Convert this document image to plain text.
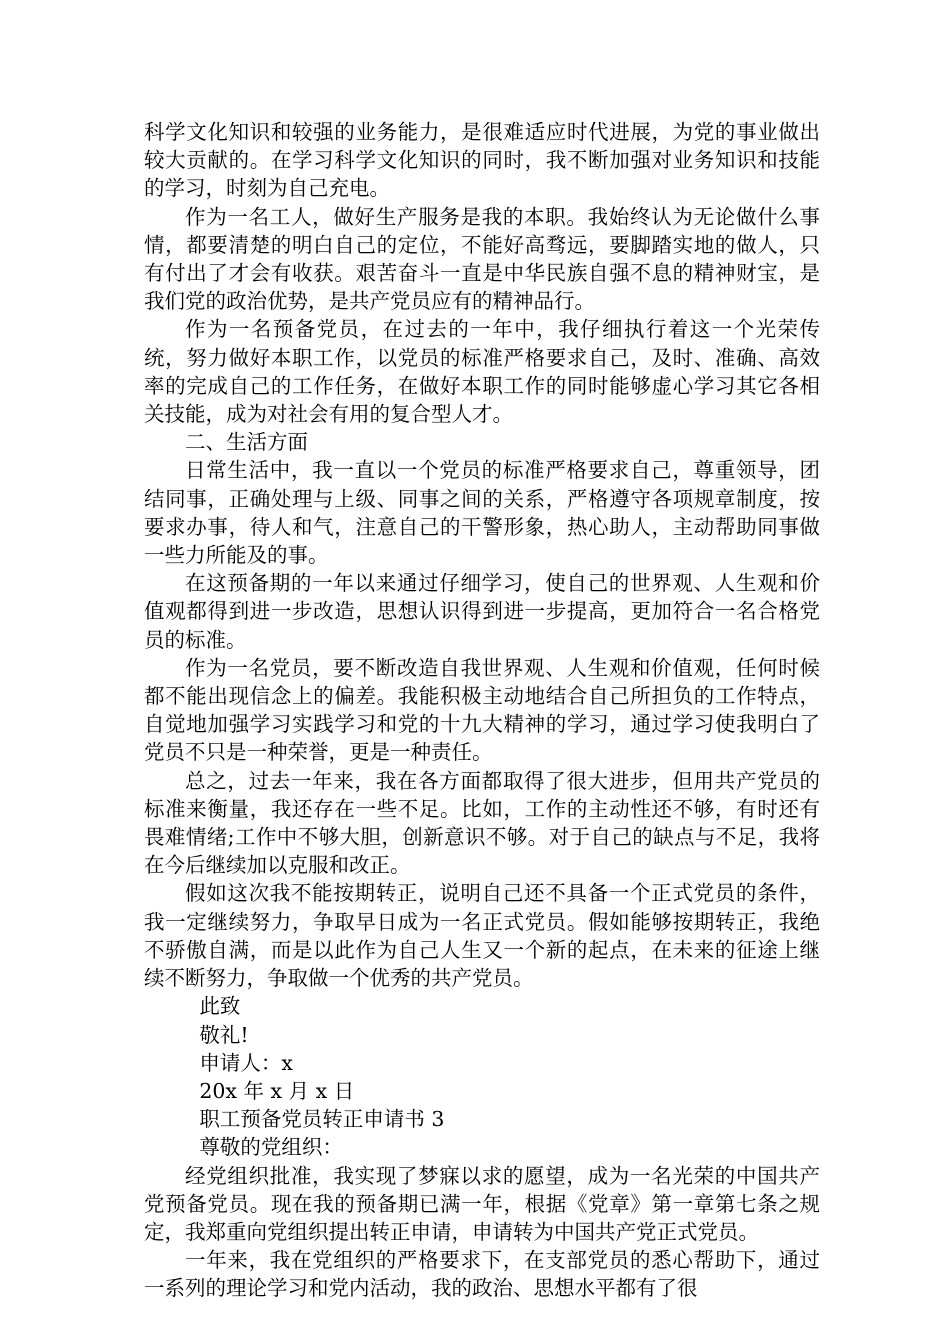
科学文化知识和较强的业务能力，是很难适应时代进展，为党的事业做出较大贡献的。在学习科学文化知识的同时，我不断加强对业务知识和技能的学习，时刻为自己充电。

作为一名工人，做好生产服务是我的本职。我始终认为无论做什么事情，都要清楚的明白自己的定位，不能好高骛远，要脚踏实地的做人，只有付出了才会有收获。艰苦奋斗一直是中华民族自强不息的精神财宝，是我们党的政治优势，是共产党员应有的精神品行。

作为一名预备党员，在过去的一年中，我仔细执行着这一个光荣传统，努力做好本职工作，以党员的标准严格要求自己，及时、准确、高效率的完成自己的工作任务，在做好本职工作的同时能够虚心学习其它各相关技能，成为对社会有用的复合型人才。

二、生活方面

日常生活中，我一直以一个党员的标准严格要求自己，尊重领导，团结同事，正确处理与上级、同事之间的关系，严格遵守各项规章制度，按要求办事，待人和气，注意自己的干警形象，热心助人，主动帮助同事做一些力所能及的事。

在这预备期的一年以来通过仔细学习，使自己的世界观、人生观和价值观都得到进一步改造，思想认识得到进一步提高，更加符合一名合格党员的标准。

作为一名党员，要不断改造自我世界观、人生观和价值观，任何时候都不能出现信念上的偏差。我能积极主动地结合自己所担负的工作特点，自觉地加强学习实践学习和党的十九大精神的学习，通过学习使我明白了党员不只是一种荣誉，更是一种责任。

总之，过去一年来，我在各方面都取得了很大进步，但用共产党员的标准来衡量，我还存在一些不足。比如，工作的主动性还不够，有时还有畏难情绪;工作中不够大胆，创新意识不够。对于自己的缺点与不足，我将在今后继续加以克服和改正。

假如这次我不能按期转正，说明自己还不具备一个正式党员的条件，我一定继续努力，争取早日成为一名正式党员。假如能够按期转正，我绝不骄傲自满，而是以此作为自己人生又一个新的起点，在未来的征途上继续不断努力，争取做一个优秀的共产党员。

此致

敬礼!

申请人：x

20x 年 x 月 x 日

职工预备党员转正申请书 3

尊敬的党组织：

经党组织批准，我实现了梦寐以求的愿望，成为一名光荣的中国共产党预备党员。现在我的预备期已满一年，根据《党章》第一章第七条之规定，我郑重向党组织提出转正申请，申请转为中国共产党正式党员。

一年来，我在党组织的严格要求下，在支部党员的悉心帮助下，通过一系列的理论学习和党内活动，我的政治、思想水平都有了很
